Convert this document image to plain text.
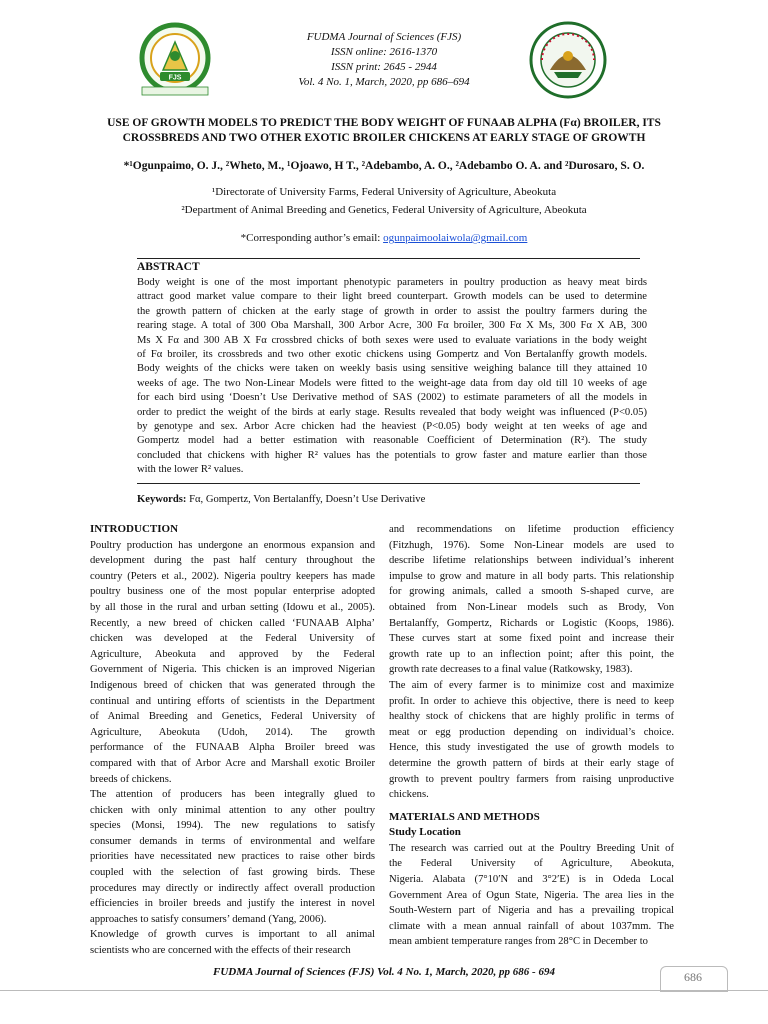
FJS
FUDMA Journal of Sciences (FJS)
ISSN online: 2616-1370
ISSN print: 2645 - 2944
Vol. 4 No. 1, March, 2020, pp 686–694
USE OF GROWTH MODELS TO PREDICT THE BODY WEIGHT OF FUNAAB ALPHA (Fα) BROILER, ITS
CROSSBREDS AND TWO OTHER EXOTIC BROILER CHICKENS AT EARLY STAGE OF GROWTH
*¹Ogunpaimo, O. J., ²Wheto, M., ¹Ojoawo, H T., ²Adebambo, A. O., ²Adebambo O. A. and ²Durosaro, S. O.
¹Directorate of University Farms, Federal University of Agriculture, Abeokuta
²Department of Animal Breeding and Genetics, Federal University of Agriculture, Abeokuta
*Corresponding author’s email: ogunpaimoolaiwola@gmail.com
ABSTRACT
Body weight is one of the most important phenotypic parameters in poultry production as heavy meat birds
attract good market value compare to their light breed counterpart. Growth models can be used to determine
the growth pattern of chicken at the early stage of growth in order to assist the poultry farmers during the
rearing stage. A total of 300 Oba Marshall, 300 Arbor Acre, 300 Fα broiler, 300 Fα X Ms, 300 Fα X AB, 300
Ms X Fα and 300 AB X Fα crossbred chicks of both sexes were used to evaluate variations in the body weight
of Fα broiler, its crossbreds and two other exotic chickens using Gompertz and Von Bertalanffy growth models.
Body weights of the chicks were taken on weekly basis using sensitive weighing balance till they attained 10
weeks of age. The two Non-Linear Models were fitted to the weight-age data from day old till 10 weeks of age
for each bird using ‘Doesn’t Use Derivative method of SAS (2002) to estimate parameters of all the models in
order to predict the weight of the birds at early stage. Results revealed that body weight was influenced (P<0.05)
by genotype and sex. Arbor Acre chicken had the heaviest (P<0.05) body weight at ten weeks of age and
Gompertz model had a better estimation with reasonable Coefficient of Determination (R²). The study
concluded that chickens with higher R² values has the potentials to grow faster and mature earlier than those
with the lower R² values.
Keywords: Fα, Gompertz, Von Bertalanffy, Doesn’t Use Derivative
INTRODUCTION
Poultry production has undergone an enormous expansion and
development during the past half century throughout the
country (Peters et al., 2002). Nigeria poultry keepers has made
poultry business one of the most popular enterprise adopted
by all those in the rural and urban setting (Idowu et al., 2005).
Recently, a new breed of chicken called ‘FUNAAB Alpha’
chicken was developed at the Federal University of
Agriculture, Abeokuta and approved by the Federal
Government of Nigeria. This chicken is an improved Nigerian
Indigenous breed of chicken that was generated through the
continual and untiring efforts of scientists in the Department
of Animal Breeding and Genetics, Federal University of
Agriculture, Abeokuta (Udoh, 2014). The growth
performance of the FUNAAB Alpha Broiler breed was
compared with that of Arbor Acre and Marshall exotic Broiler
breeds of chickens.
The attention of producers has been integrally glued to
chicken with only minimal attention to any other poultry
species (Monsi, 1994). The new regulations to satisfy
consumer demands in terms of environmental and welfare
priorities have necessitated new practices to raise other birds
coupled with the selection of fast growing birds. These
procedures may directly or indirectly affect overall production
efficiencies in broiler breeds and justify the interest in novel
approaches to satisfy consumers’ demand (Yang, 2006).
Knowledge of growth curves is important to all animal
scientists who are concerned with the effects of their research
and recommendations on lifetime production efficiency
(Fitzhugh, 1976). Some Non-Linear models are used to
describe lifetime relationships between individual’s inherent
impulse to grow and mature in all body parts. This relationship
for growing animals, called a smooth S-shaped curve, are
obtained from Non-Linear models such as Brody, Von
Bertalanffy, Gompertz, Richards or Logistic (Koops, 1986).
These curves start at some fixed point and increase their
growth rate up to an inflection point; after this point, the
growth rate decreases to a final value (Ratkowsky, 1983).
The aim of every farmer is to minimize cost and maximize
profit. In order to achieve this objective, there is need to keep
healthy stock of chickens that are highly prolific in terms of
meat or egg production depending on individual’s choice.
Hence, this study investigated the use of growth models to
determine the growth pattern of birds at their early stage of
growth to prevent poultry farmers from raising unproductive
chickens.
MATERIALS AND METHODS
Study Location
The research was carried out at the Poultry Breeding Unit of
the Federal University of Agriculture, Abeokuta,
Nigeria. Alabata (7°10′N and 3°2′E) is in Odeda Local
Government Area of Ogun State, Nigeria. The area lies in the
South-Western part of Nigeria and has a prevailing tropical
climate with a mean annual rainfall of about 1037mm. The
mean ambient temperature ranges from 28°C in December to
FUDMA Journal of Sciences (FJS) Vol. 4 No. 1, March, 2020, pp 686 - 694	686
